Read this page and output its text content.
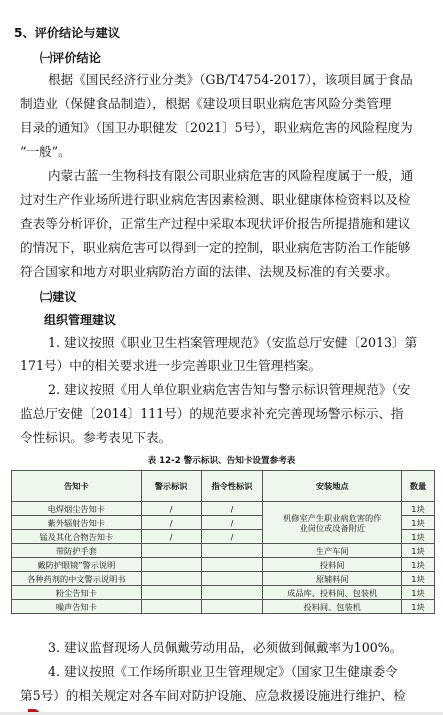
5、评价结论与建议
㈠评价结论
根据《国民经济行业分类》（GB/T4754-2017），该项目属于食品
制造业（保健食品制造），根据《建设项目职业病危害风险分类管理
目录的通知》（国卫办职健发〔2021〕5号），职业病危害的风险程度为
“一般”。
内蒙古蓝一生物科技有限公司职业病危害的风险程度属于一般，通
过对生产作业场所进行职业病危害因素检测、职业健康体检资料以及检
查表等分析评价，正常生产过程中采取本现状评价报告所提措施和建议
的情况下，职业病危害可以得到一定的控制，职业病危害防治工作能够
符合国家和地方对职业病防治方面的法律、法规及标准的有关要求。
㈡建议
组织管理建议
1. 建议按照《职业卫生档案管理规范》（安监总厅安健〔2013〕第
171号）中的相关要求进一步完善职业卫生管理档案。
2. 建议按照《用人单位职业病危害告知与警示标识管理规范》（安
监总厅安健〔2014〕111号）的规范要求补充完善现场警示标示、指
令性标识。参考表见下表。
表 12-2 警示标识、告知卡设置参考表
告知卡	警示标识	指令性标识	安装地点	数量
电焊烟尘告知卡	/	/	机修室产生职业病危害的作
业岗位或设备附近	1块
紫外辐射告知卡	/	/		1块
锰及其化合物告知卡	/	/		1块
带防护手套			生产车间	1块
戴防护眼镜”警示说明			投料间	1块
各种药剂的中文警示说明书			原辅料间	1块
粉尘告知卡			成品库、投料间、包装机	1块
噪声告知卡			投料间、包装机	1块
3. 建议监督现场人员佩戴劳动用品，必须做到佩戴率为100%。
4. 建议按照《工作场所职业卫生管理规定》（国家卫生健康委令
第5号）的相关规定对各车间对防护设施、应急救援设施进行维护、检
